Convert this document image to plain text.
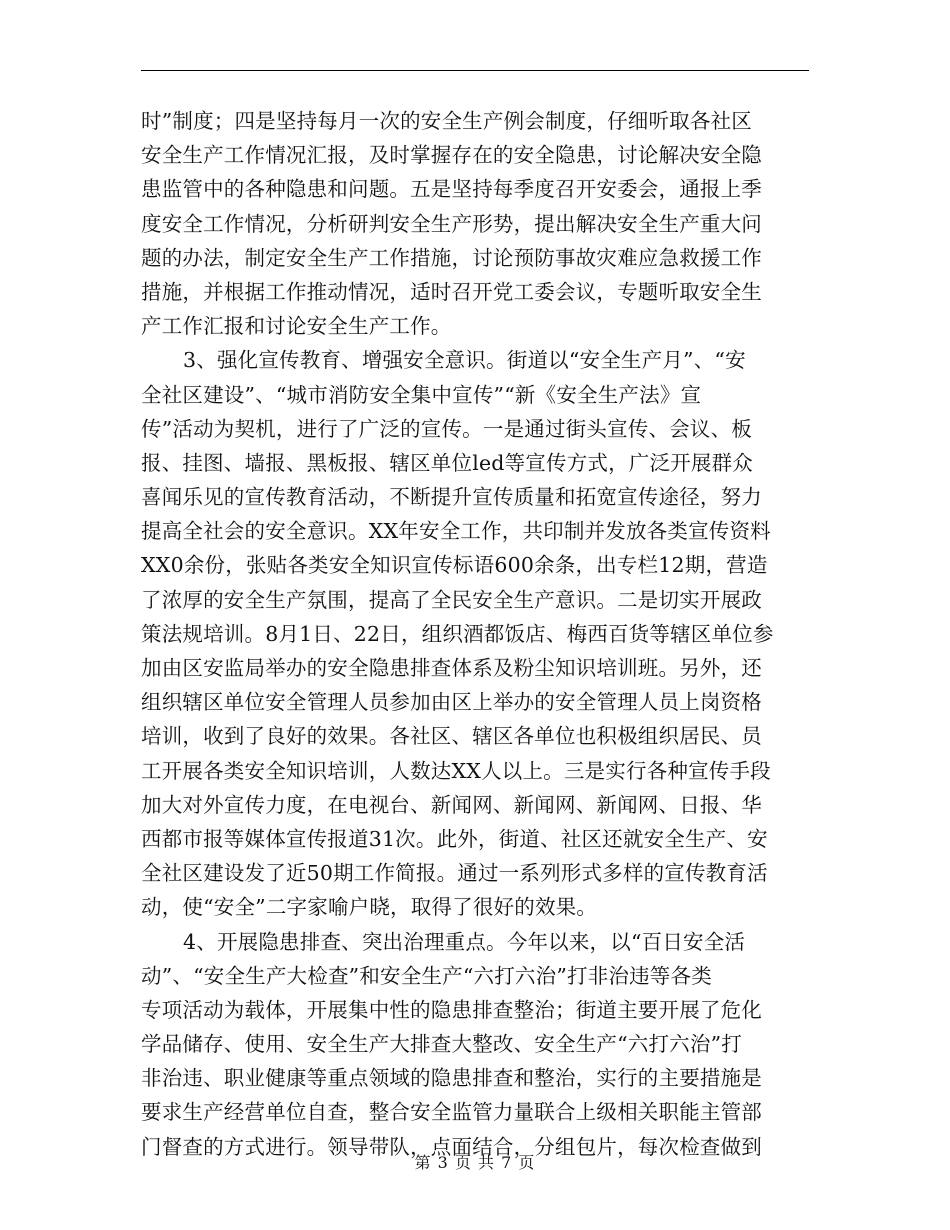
时”制度；四是坚持每月一次的安全生产例会制度，仔细听取各社区
安全生产工作情况汇报，及时掌握存在的安全隐患，讨论解决安全隐
患监管中的各种隐患和问题。五是坚持每季度召开安委会，通报上季
度安全工作情况，分析研判安全生产形势，提出解决安全生产重大问
题的办法，制定安全生产工作措施，讨论预防事故灾难应急救援工作
措施，并根据工作推动情况，适时召开党工委会议，专题听取安全生
产工作汇报和讨论安全生产工作。
3、强化宣传教育、增强安全意识。街道以“安全生产月”、“安
全社区建设”、“城市消防安全集中宣传”“新《安全生产法》宣
传”活动为契机，进行了广泛的宣传。一是通过街头宣传、会议、板
报、挂图、墙报、黑板报、辖区单位led等宣传方式，广泛开展群众
喜闻乐见的宣传教育活动，不断提升宣传质量和拓宽宣传途径，努力
提高全社会的安全意识。XX年安全工作，共印制并发放各类宣传资料
XX0余份，张贴各类安全知识宣传标语600余条，出专栏12期，营造
了浓厚的安全生产氛围，提高了全民安全生产意识。二是切实开展政
策法规培训。8月1日、22日，组织酒都饭店、梅西百货等辖区单位参
加由区安监局举办的安全隐患排查体系及粉尘知识培训班。另外，还
组织辖区单位安全管理人员参加由区上举办的安全管理人员上岗资格
培训，收到了良好的效果。各社区、辖区各单位也积极组织居民、员
工开展各类安全知识培训，人数达XX人以上。三是实行各种宣传手段
加大对外宣传力度，在电视台、新闻网、新闻网、新闻网、日报、华
西都市报等媒体宣传报道31次。此外，街道、社区还就安全生产、安
全社区建设发了近50期工作简报。通过一系列形式多样的宣传教育活
动，使“安全”二字家喻户晓，取得了很好的效果。
4、开展隐患排查、突出治理重点。今年以来，以“百日安全活
动”、“安全生产大检查”和安全生产“六打六治”打非治违等各类
专项活动为载体，开展集中性的隐患排查整治；街道主要开展了危化
学品储存、使用、安全生产大排查大整改、安全生产“六打六治”打
非治违、职业健康等重点领域的隐患排查和整治，实行的主要措施是
要求生产经营单位自查，整合安全监管力量联合上级相关职能主管部
门督查的方式进行。领导带队，点面结合，分组包片，每次检查做到
第 3 页 共 7 页
